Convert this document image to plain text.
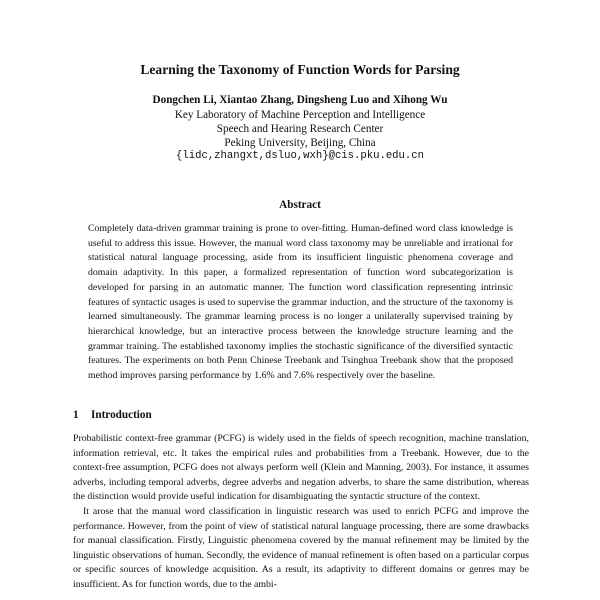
Learning the Taxonomy of Function Words for Parsing
Dongchen Li, Xiantao Zhang, Dingsheng Luo and Xihong Wu
Key Laboratory of Machine Perception and Intelligence
Speech and Hearing Research Center
Peking University, Beijing, China
{lidc,zhangxt,dsluo,wxh}@cis.pku.edu.cn
Abstract
Completely data-driven grammar training is prone to over-fitting. Human-defined word class knowledge is useful to address this issue. However, the manual word class taxonomy may be unreliable and irrational for statistical natural language processing, aside from its insufficient linguistic phenomena coverage and domain adaptivity. In this paper, a formalized representation of function word subcategorization is developed for parsing in an automatic manner. The function word classification representing intrinsic features of syntactic usages is used to supervise the grammar induction, and the structure of the taxonomy is learned simultaneously. The grammar learning process is no longer a unilaterally supervised training by hierarchical knowledge, but an interactive process between the knowledge structure learning and the grammar training. The established taxonomy implies the stochastic significance of the diversified syntactic features. The experiments on both Penn Chinese Treebank and Tsinghua Treebank show that the proposed method improves parsing performance by 1.6% and 7.6% respectively over the baseline.
1 Introduction

Probabilistic context-free grammar (PCFG) is widely used in the fields of speech recognition, machine translation, information retrieval, etc. It takes the empirical rules and probabilities from a Treebank. However, due to the context-free assumption, PCFG does not always perform well (Klein and Manning, 2003). For instance, it assumes adverbs, including temporal adverbs, degree adverbs and negation adverbs, to share the same distribution, whereas the distinction would provide useful indication for disambiguating the syntactic structure of the context.

It arose that the manual word classification in linguistic research was used to enrich PCFG and improve the performance. However, from the point of view of statistical natural language processing, there are some drawbacks for manual classification. Firstly, Linguistic phenomena covered by the manual refinement may be limited by the linguistic observations of human. Secondly, the evidence of manual refinement is often based on a particular corpus or specific sources of knowledge acquisition. As a result, its adaptivity to different domains or genres may be insufficient. As for function words, due to the ambi-
